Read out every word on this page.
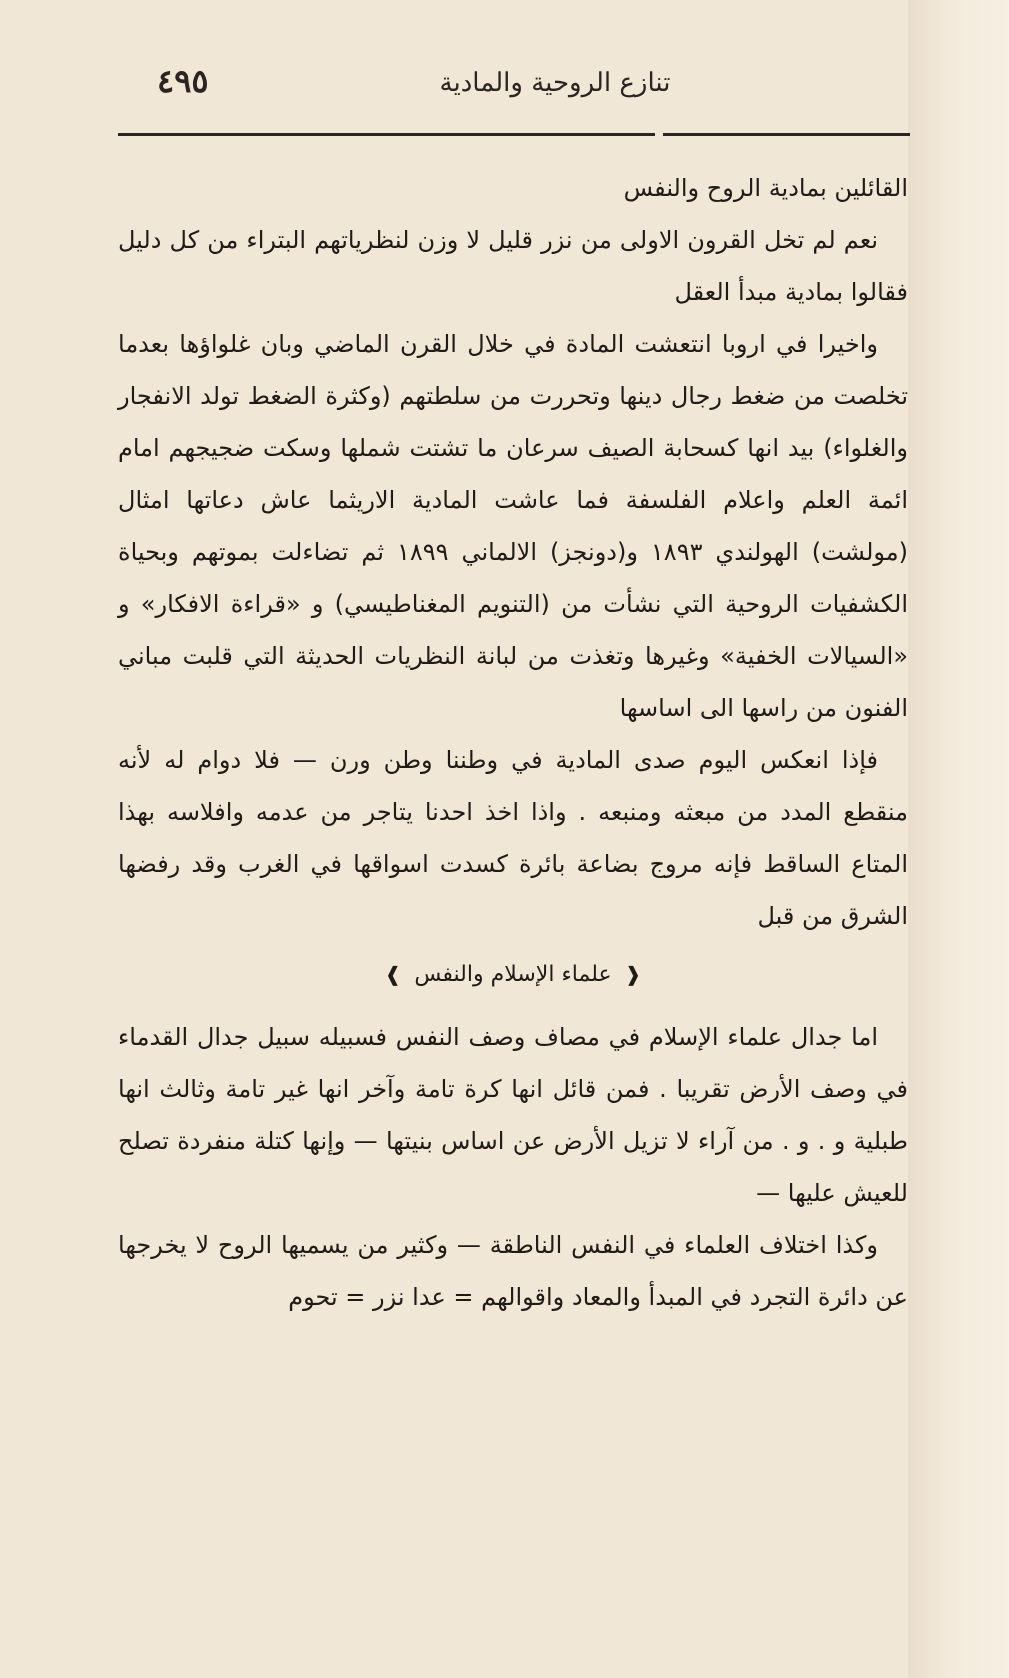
٤٩٥	تنازع الروحية والمادية

القائلين بمادية الروح والنفس

نعم لم تخل القرون الاولى من نزر قليل لا وزن لنظرياتهم البتراء من كل دليل فقالوا بمادية مبدأ العقل

واخيرا في اروبا انتعشت المادة في خلال القرن الماضي وبان غلواؤها بعدما تخلصت من ضغط رجال دينها وتحررت من سلطتهم (وكثرة الضغط تولد الانفجار والغلواء) بيد انها كسحابة الصيف سرعان ما تشتت شملها وسكت ضجيجهم امام ائمة العلم واعلام الفلسفة فما عاشت المادية الاريثما عاش دعاتها امثال (مولشت) الهولندي ١٨٩٣ و(دونجز) الالماني ١٨٩٩ ثم تضاءلت بموتهم وبحياة الكشفيات الروحية التي نشأت من (التنويم المغناطيسي) و «قراءة الافكار» و «السيالات الخفية» وغيرها وتغذت من لبانة النظريات الحديثة التي قلبت مباني الفنون من راسها الى اساسها

فإذا انعكس اليوم صدى المادية في وطننا وطن ورن — فلا دوام له لأنه منقطع المدد من مبعثه ومنبعه . واذا اخذ احدنا يتاجر من عدمه وافلاسه بهذا المتاع الساقط فإنه مروج بضاعة بائرة كسدت اسواقها في الغرب وقد رفضها الشرق من قبل

❰ علماء الإسلام والنفس ❱

اما جدال علماء الإسلام في مصاف وصف النفس فسبيله سبيل جدال القدماء في وصف الأرض تقريبا . فمن قائل انها كرة تامة وآخر انها غير تامة وثالث انها طبلية و . و . من آراء لا تزيل الأرض عن اساس بنيتها — وإنها كتلة منفردة تصلح للعيش عليها —

وكذا اختلاف العلماء في النفس الناطقة — وكثير من يسميها الروح لا يخرجها عن دائرة التجرد في المبدأ والمعاد واقوالهم = عدا نزر = تحوم
